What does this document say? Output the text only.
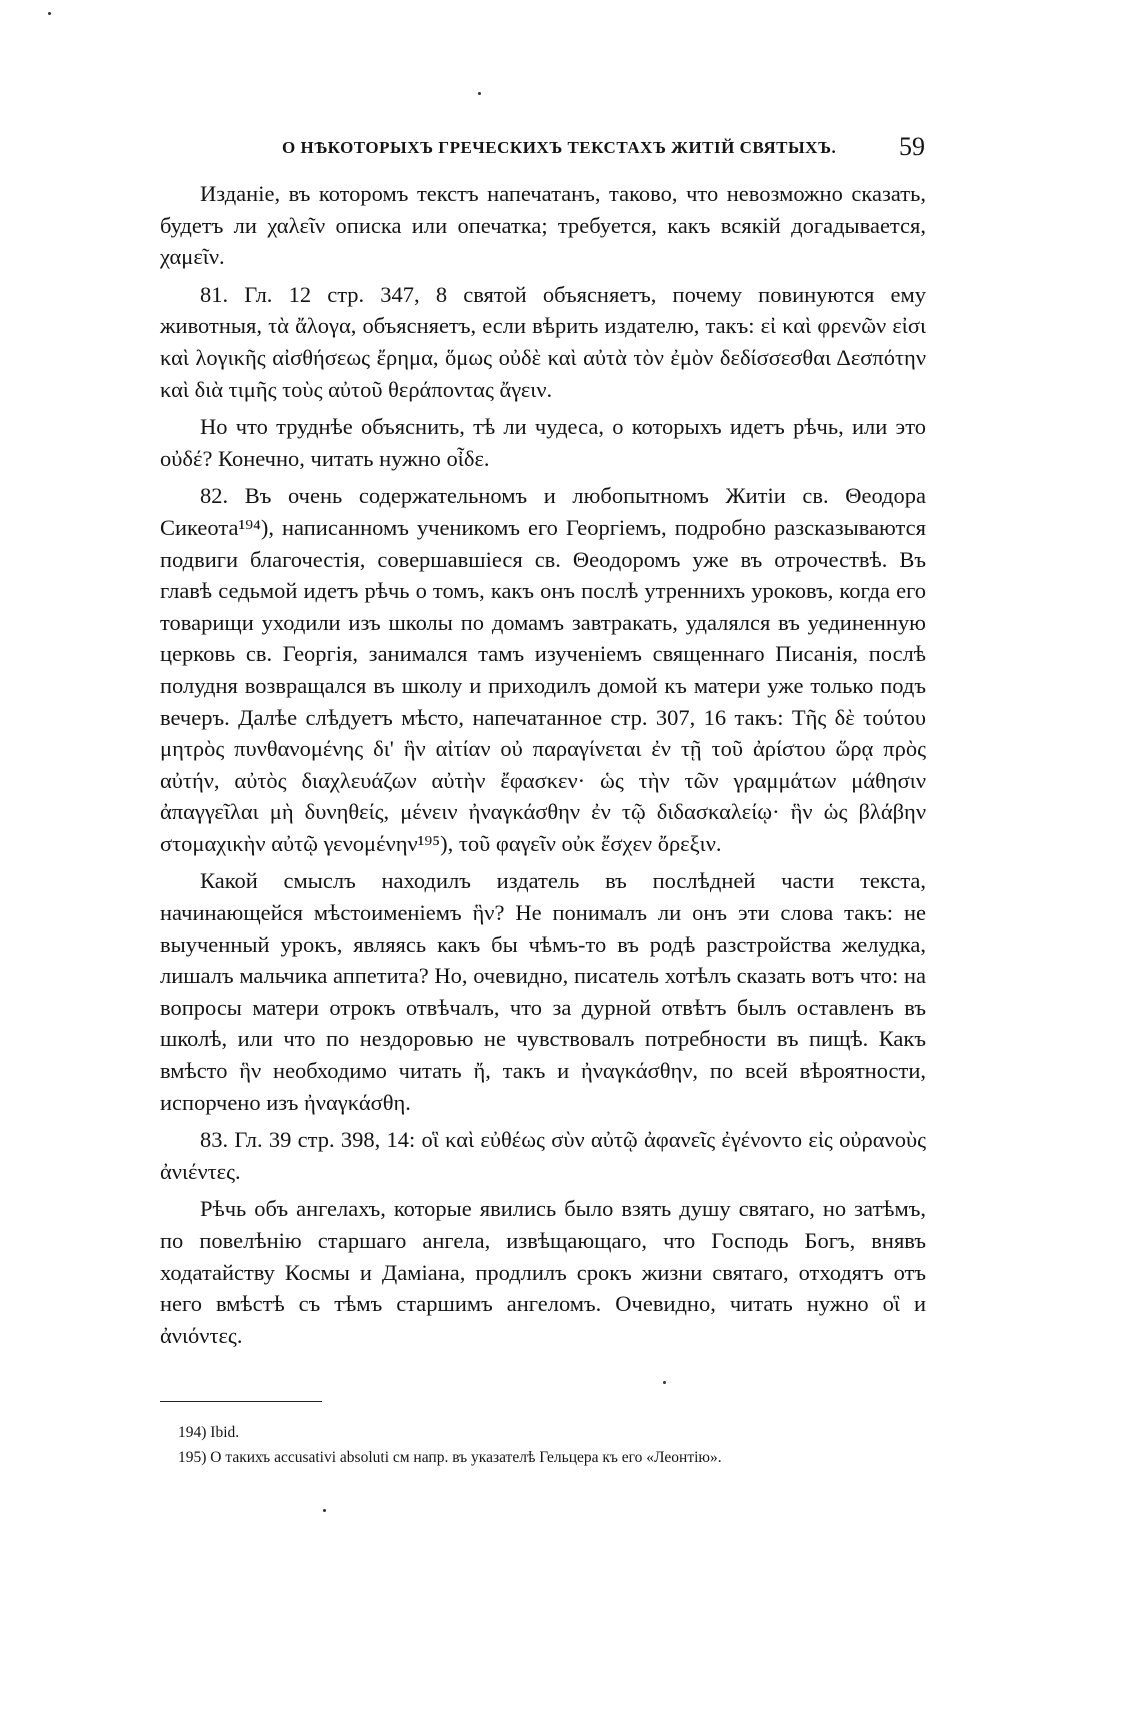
О НѢКОТОРЫХЪ ГРЕЧЕСКИХЪ ТЕКСТАХЪ ЖИТІЙ СВЯТЫХЪ. 59

Изданіе, въ которомъ текстъ напечатанъ, таково, что невозможно сказать, будетъ ли χαλεῖν описка или опечатка; требуется, какъ всякій догадывается, χαμεῖν.

81. Гл. 12 стр. 347, 8 святой объясняетъ, почему повинуются ему животныя, τὰ ἄλογα, объясняетъ, если вѣрить издателю, такъ: εἰ καὶ φρενῶν εἰσι καὶ λογικῆς αἰσθήσεως ἔρημα, ὅμως οὐδὲ καὶ αὐτὰ τὸν ἐμὸν δεδίσσεσθαι Δεσπότην καὶ διὰ τιμῆς τοὺς αὐτοῦ θεράποντας ἄγειν.

Но что труднѣе объяснить, тѣ ли чудеса, о которыхъ идетъ рѣчь, или это οὐδέ? Конечно, читать нужно οἶδε.

82. Въ очень содержательномъ и любопытномъ Житіи св. Θеодора Сикеота¹⁹⁴), написанномъ ученикомъ его Георгіемъ, подробно разсказываются подвиги благочестія, совершавшіеся св. Θеодоромъ уже въ отрочествѣ. Въ главѣ седьмой идетъ рѣчь о томъ, какъ онъ послѣ утреннихъ уроковъ, когда его товарищи уходили изъ школы по домамъ завтракать, удалялся въ уединенную церковь св. Георгія, занимался тамъ изученіемъ священнаго Писанія, послѣ полудня возвращался въ школу и приходилъ домой къ матери уже только подъ вечеръ. Далѣе слѣдуетъ мѣсто, напечатанное стр. 307, 16 такъ: Τῆς δὲ τούτου μητρὸς πυνθανομένης δι' ἣν αἰτίαν οὐ παραγίνεται ἐν τῇ τοῦ ἀρίστου ὥρᾳ πρὸς αὐτήν, αὐτὸς διαχλευάζων αὐτὴν ἔφασκεν· ὡς τὴν τῶν γραμμάτων μάθησιν ἀπαγγεῖλαι μὴ δυνηθείς, μένειν ἠναγκάσθην ἐν τῷ διδασκαλείῳ· ἣν ὡς βλάβην στομαχικὴν αὐτῷ γενομένην¹⁹⁵), τοῦ φαγεῖν οὐκ ἔσχεν ὄρεξιν.

Какой смыслъ находилъ издатель въ послѣдней части текста, начинающейся мѣстоименіемъ ἣν? Не понималъ ли онъ эти слова такъ: не выученный урокъ, являясь какъ бы чѣмъ-то въ родѣ разстройства желудка, лишалъ мальчика аппетита? Но, очевидно, писатель хотѣлъ сказать вотъ что: на вопросы матери отрокъ отвѣчалъ, что за дурной отвѣтъ былъ оставленъ въ школѣ, или что по нездоровью не чувствовалъ потребности въ пищѣ. Какъ вмѣсто ἣν необходимо читать ἤ, такъ и ἠναγκάσθην, по всей вѣроятности, испорчено изъ ἠναγκάσθη.

83. Гл. 39 стр. 398, 14: οἳ καὶ εὐθέως σὺν αὐτῷ ἀφανεῖς ἐγένοντο εἰς οὐρανοὺς ἀνιέντες.

Рѣчь объ ангелахъ, которые явились было взять душу святаго, но затѣмъ, по повелѣнію старшаго ангела, извѣщающаго, что Господь Богъ, внявъ ходатайству Космы и Даміана, продлилъ срокъ жизни святаго, отходятъ отъ него вмѣстѣ съ тѣмъ старшимъ ангеломъ. Очевидно, читать нужно οἳ и ἀνιόντες.

194) Ibid.
195) О такихъ accusativi absoluti см напр. въ указателѣ Гельцера къ его «Леонтію».
